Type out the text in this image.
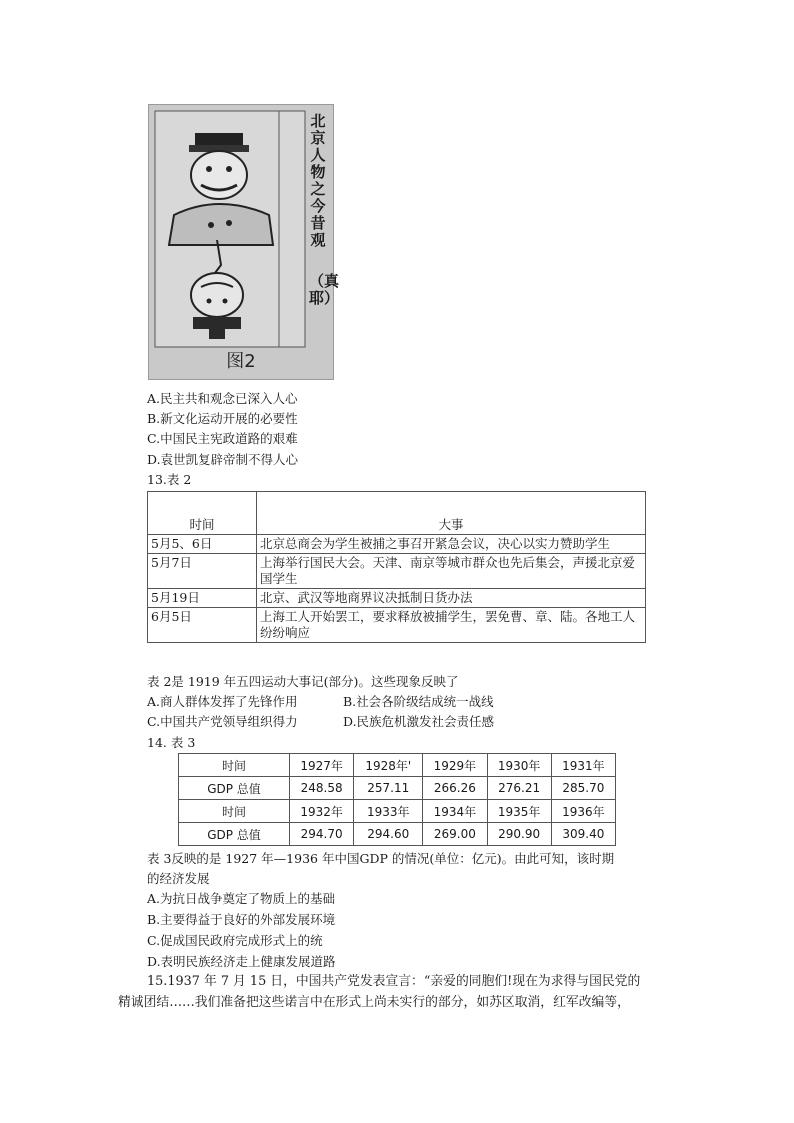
北京人物之今昔观
（真耶）
图2
A.民主共和观念已深入人心
B.新文化运动开展的必要性
C.中国民主宪政道路的艰难
D.袁世凯复辟帝制不得人心
13.表 2
时间	大事
5月5、6日	北京总商会为学生被捕之事召开紧急会议，决心以实力赞助学生
5月7日	上海举行国民大会。天津、南京等城市群众也先后集会，声援北京爱国学生
5月19日	北京、武汉等地商界议决抵制日货办法
6月5日	上海工人开始罢工，要求释放被捕学生，罢免曹、章、陆。各地工人纷纷响应
表 2是 1919 年五四运动大事记(部分)。这些现象反映了
A.商人群体发挥了先锋作用	B.社会各阶级结成统一战线
C.中国共产党领导组织得力	D.民族危机激发社会责任感
14. 表 3
时间	1927年	1928年'	1929年	1930年	1931年
GDP 总值	248.58	257.11	266.26	276.21	285.70
时间	1932年	1933年	1934年	1935年	1936年
GDP 总值	294.70	294.60	269.00	290.90	309.40
表 3反映的是 1927 年—1936 年中国GDP 的情况(单位：亿元)。由此可知，该时期
的经济发展
A.为抗日战争奠定了物质上的基础
B.主要得益于良好的外部发展环境
C.促成国民政府完成形式上的统
D.表明民族经济走上健康发展道路
15.1937 年 7 月 15 日，中国共产党发表宣言：“亲爱的同胞们!现在为求得与国民党的
精诚团结……我们准备把这些诺言中在形式上尚未实行的部分，如苏区取消，红军改编等，
